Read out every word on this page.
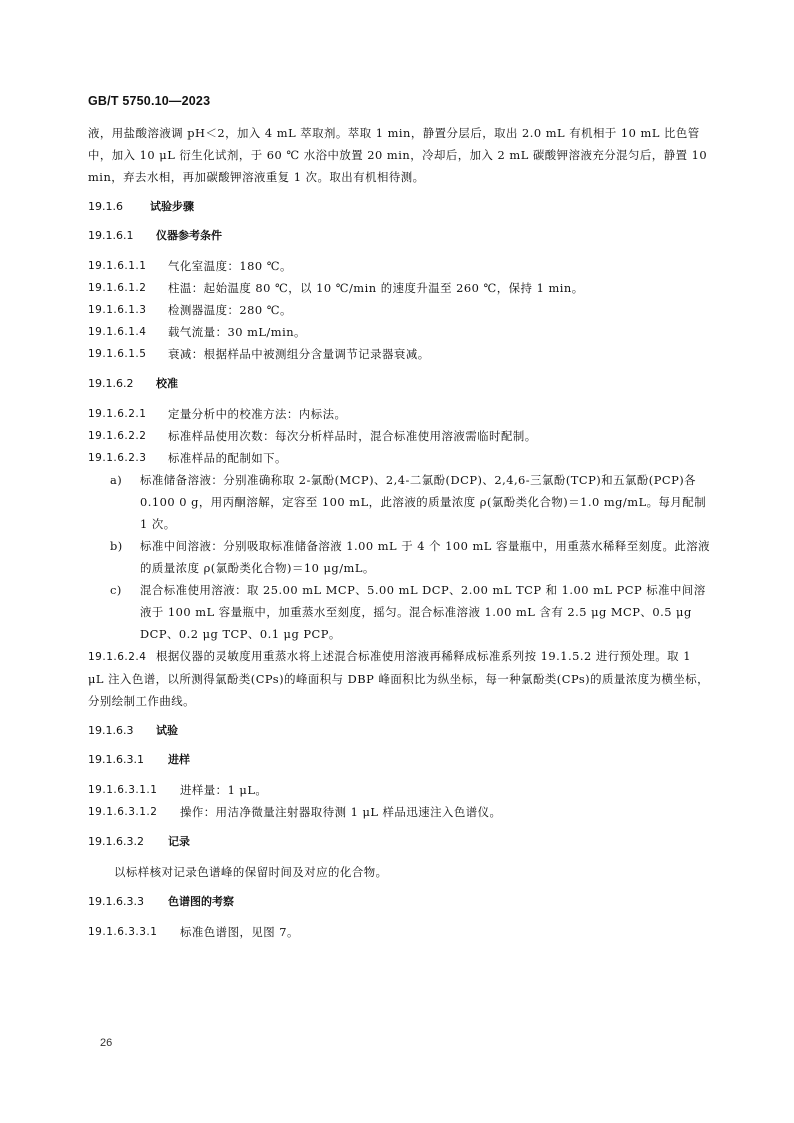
GB/T 5750.10—2023

液，用盐酸溶液调 pH＜2，加入 4 mL 萃取剂。萃取 1 min，静置分层后，取出 2.0 mL 有机相于 10 mL 比色管中，加入 10 μL 衍生化试剂，于 60 ℃ 水浴中放置 20 min，冷却后，加入 2 mL 碳酸钾溶液充分混匀后，静置 10 min，弃去水相，再加碳酸钾溶液重复 1 次。取出有机相待测。

19.1.6 试验步骤
19.1.6.1 仪器参考条件
19.1.6.1.1	气化室温度：180 ℃。
19.1.6.1.2	柱温：起始温度 80 ℃，以 10 ℃/min 的速度升温至 260 ℃，保持 1 min。
19.1.6.1.3	检测器温度：280 ℃。
19.1.6.1.4	载气流量：30 mL/min。
19.1.6.1.5	衰减：根据样品中被测组分含量调节记录器衰减。
19.1.6.2 校准
19.1.6.2.1	定量分析中的校准方法：内标法。
19.1.6.2.2	标准样品使用次数：每次分析样品时，混合标准使用溶液需临时配制。
19.1.6.2.3	标准样品的配制如下。
a)	标准储备溶液：分别准确称取 2-氯酚(MCP)、2,4-二氯酚(DCP)、2,4,6-三氯酚(TCP)和五氯酚(PCP)各 0.100 0 g，用丙酮溶解，定容至 100 mL，此溶液的质量浓度 ρ(氯酚类化合物)＝1.0 mg/mL。每月配制 1 次。
b)	标准中间溶液：分别吸取标准储备溶液 1.00 mL 于 4 个 100 mL 容量瓶中，用重蒸水稀释至刻度。此溶液的质量浓度 ρ(氯酚类化合物)＝10 μg/mL。
c)	混合标准使用溶液：取 25.00 mL MCP、5.00 mL DCP、2.00 mL TCP 和 1.00 mL PCP 标准中间溶液于 100 mL 容量瓶中，加重蒸水至刻度，摇匀。混合标准溶液 1.00 mL 含有 2.5 μg MCP、0.5 μg DCP、0.2 μg TCP、0.1 μg PCP。
19.1.6.2.4 根据仪器的灵敏度用重蒸水将上述混合标准使用溶液再稀释成标准系列按 19.1.5.2 进行预处理。取 1 μL 注入色谱，以所测得氯酚类(CPs)的峰面积与 DBP 峰面积比为纵坐标，每一种氯酚类(CPs)的质量浓度为横坐标，分别绘制工作曲线。
19.1.6.3 试验
19.1.6.3.1 进样
19.1.6.3.1.1	进样量：1 μL。
19.1.6.3.1.2	操作：用洁净微量注射器取待测 1 μL 样品迅速注入色谱仪。
19.1.6.3.2 记录

以标样核对记录色谱峰的保留时间及对应的化合物。

19.1.6.3.3 色谱图的考察
19.1.6.3.3.1	标准色谱图，见图 7。
26
